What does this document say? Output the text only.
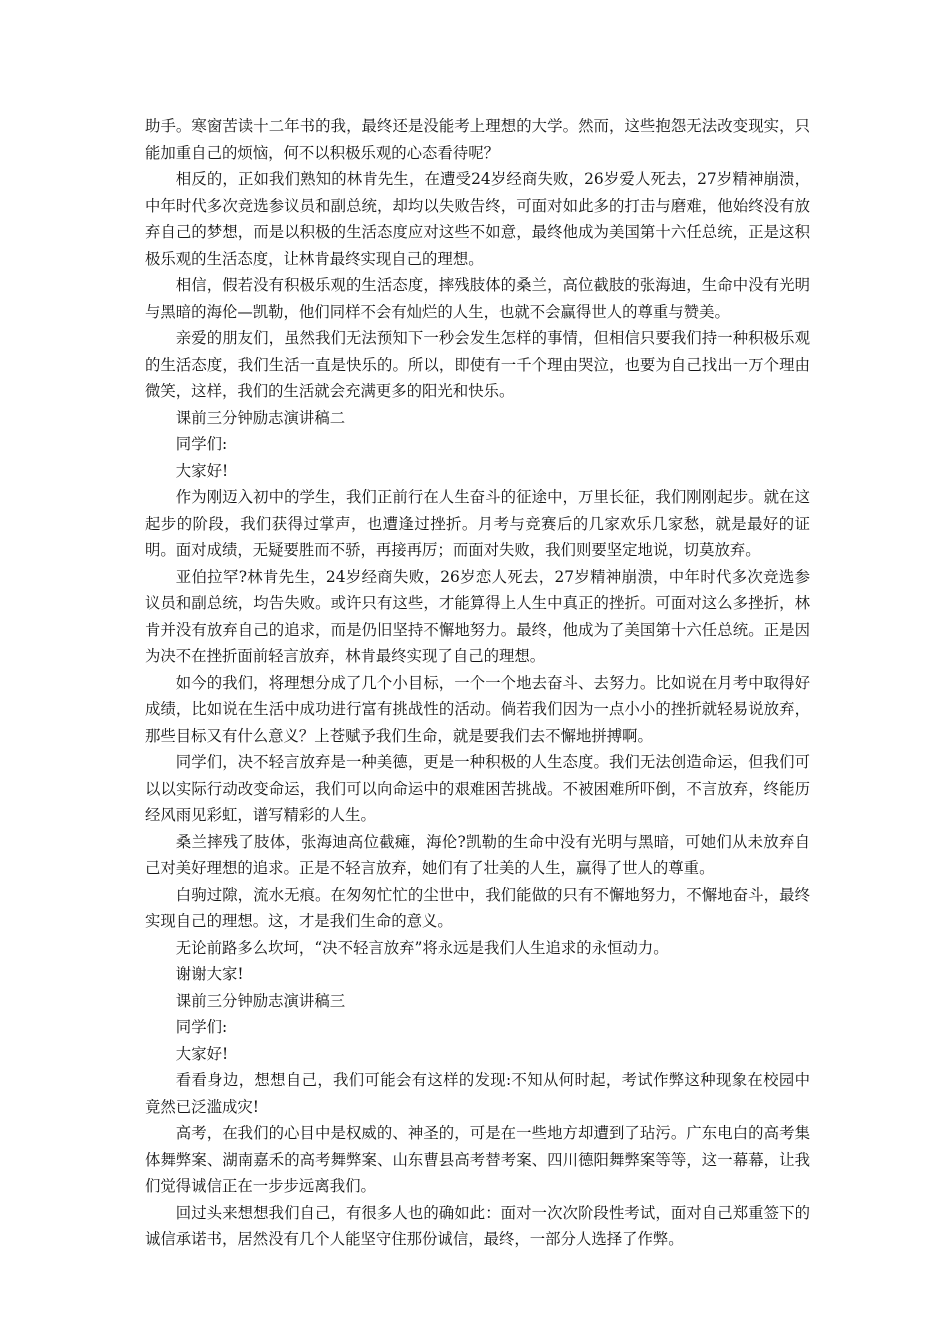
助手。寒窗苦读十二年书的我，最终还是没能考上理想的大学。然而，这些抱怨无法改变现实，只能加重自己的烦恼，何不以积极乐观的心态看待呢？

相反的，正如我们熟知的林肯先生，在遭受24岁经商失败，26岁爱人死去，27岁精神崩溃，中年时代多次竞选参议员和副总统，却均以失败告终，可面对如此多的打击与磨难，他始终没有放弃自己的梦想，而是以积极的生活态度应对这些不如意，最终他成为美国第十六任总统，正是这积极乐观的生活态度，让林肯最终实现自己的理想。

相信，假若没有积极乐观的生活态度，摔残肢体的桑兰，高位截肢的张海迪，生命中没有光明与黑暗的海伦—凯勒，他们同样不会有灿烂的人生，也就不会赢得世人的尊重与赞美。

亲爱的朋友们，虽然我们无法预知下一秒会发生怎样的事情，但相信只要我们持一种积极乐观的生活态度，我们生活一直是快乐的。所以，即使有一千个理由哭泣，也要为自己找出一万个理由微笑，这样，我们的生活就会充满更多的阳光和快乐。

课前三分钟励志演讲稿二

同学们:

大家好!

作为刚迈入初中的学生，我们正前行在人生奋斗的征途中，万里长征，我们刚刚起步。就在这起步的阶段，我们获得过掌声，也遭逢过挫折。月考与竞赛后的几家欢乐几家愁，就是最好的证明。面对成绩，无疑要胜而不骄，再接再厉；而面对失败，我们则要坚定地说，切莫放弃。

亚伯拉罕?林肯先生，24岁经商失败，26岁恋人死去，27岁精神崩溃，中年时代多次竞选参议员和副总统，均告失败。或许只有这些，才能算得上人生中真正的挫折。可面对这么多挫折，林肯并没有放弃自己的追求，而是仍旧坚持不懈地努力。最终，他成为了美国第十六任总统。正是因为决不在挫折面前轻言放弃，林肯最终实现了自己的理想。

如今的我们，将理想分成了几个小目标，一个一个地去奋斗、去努力。比如说在月考中取得好成绩，比如说在生活中成功进行富有挑战性的活动。倘若我们因为一点小小的挫折就轻易说放弃，那些目标又有什么意义？上苍赋予我们生命，就是要我们去不懈地拼搏啊。

同学们，决不轻言放弃是一种美德，更是一种积极的人生态度。我们无法创造命运，但我们可以以实际行动改变命运，我们可以向命运中的艰难困苦挑战。不被困难所吓倒，不言放弃，终能历经风雨见彩虹，谱写精彩的人生。

桑兰摔残了肢体，张海迪高位截瘫，海伦?凯勒的生命中没有光明与黑暗，可她们从未放弃自己对美好理想的追求。正是不轻言放弃，她们有了壮美的人生，赢得了世人的尊重。

白驹过隙，流水无痕。在匆匆忙忙的尘世中，我们能做的只有不懈地努力，不懈地奋斗，最终实现自己的理想。这，才是我们生命的意义。

无论前路多么坎坷，“决不轻言放弃”将永远是我们人生追求的永恒动力。

谢谢大家!

课前三分钟励志演讲稿三

同学们:

大家好!

看看身边，想想自己，我们可能会有这样的发现:不知从何时起，考试作弊这种现象在校园中竟然已泛滥成灾!

高考，在我们的心目中是权威的、神圣的，可是在一些地方却遭到了玷污。广东电白的高考集体舞弊案、湖南嘉禾的高考舞弊案、山东曹县高考替考案、四川德阳舞弊案等等，这一幕幕，让我们觉得诚信正在一步步远离我们。

回过头来想想我们自己，有很多人也的确如此：面对一次次阶段性考试，面对自己郑重签下的诚信承诺书，居然没有几个人能坚守住那份诚信，最终，一部分人选择了作弊。
